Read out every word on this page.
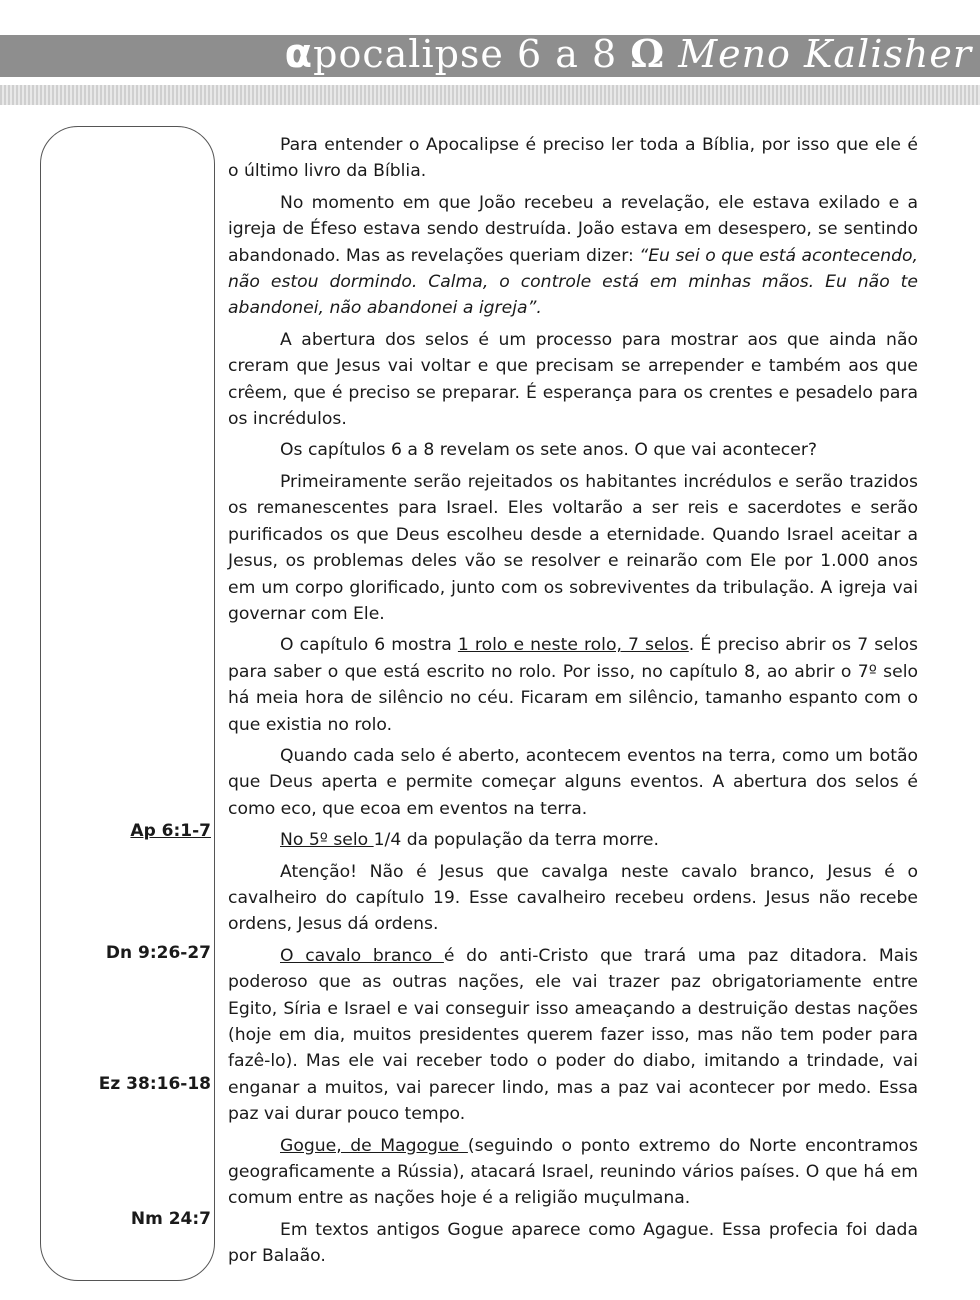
αpocalipse 6 a 8 Ω Meno Kalisher
Ap 6:1-7
Dn 9:26-27
Ez 38:16-18
Nm 24:7

Para entender o Apocalipse é preciso ler toda a Bíblia, por isso que ele é o último livro da Bíblia.

No momento em que João recebeu a revelação, ele estava exilado e a igreja de Éfeso estava sendo destruída. João estava em desespero, se sentindo abandonado. Mas as revelações queriam dizer: “Eu sei o que está acontecendo, não estou dormindo. Calma, o controle está em minhas mãos. Eu não te abandonei, não abandonei a igreja”.

A abertura dos selos é um processo para mostrar aos que ainda não creram que Jesus vai voltar e que precisam se arrepender e também aos que crêem, que é preciso se preparar. É esperança para os crentes e pesadelo para os incrédulos.

Os capítulos 6 a 8 revelam os sete anos. O que vai acontecer?

Primeiramente serão rejeitados os habitantes incrédulos e serão trazidos os remanescentes para Israel. Eles voltarão a ser reis e sacerdotes e serão purificados os que Deus escolheu desde a eternidade. Quando Israel aceitar a Jesus, os problemas deles vão se resolver e reinarão com Ele por 1.000 anos em um corpo glorificado, junto com os sobreviventes da tribulação. A igreja vai governar com Ele.

O capítulo 6 mostra 1 rolo e neste rolo, 7 selos. É preciso abrir os 7 selos para saber o que está escrito no rolo. Por isso, no capítulo 8, ao abrir o 7º selo há meia hora de silêncio no céu. Ficaram em silêncio, tamanho espanto com o que existia no rolo.

Quando cada selo é aberto, acontecem eventos na terra, como um botão que Deus aperta e permite começar alguns eventos. A abertura dos selos é como eco, que ecoa em eventos na terra.

No 5º selo 1/4 da população da terra morre.

Atenção! Não é Jesus que cavalga neste cavalo branco, Jesus é o cavalheiro do capítulo 19. Esse cavalheiro recebeu ordens. Jesus não recebe ordens, Jesus dá ordens.

O cavalo branco é do anti-Cristo que trará uma paz ditadora. Mais poderoso que as outras nações, ele vai trazer paz obrigatoriamente entre Egito, Síria e Israel e vai conseguir isso ameaçando a destruição destas nações (hoje em dia, muitos presidentes querem fazer isso, mas não tem poder para fazê-lo). Mas ele vai receber todo o poder do diabo, imitando a trindade, vai enganar a muitos, vai parecer lindo, mas a paz vai acontecer por medo. Essa paz vai durar pouco tempo.

Gogue, de Magogue (seguindo o ponto extremo do Norte encontramos geograficamente a Rússia), atacará Israel, reunindo vários países. O que há em comum entre as nações hoje é a religião muçulmana.

Em textos antigos Gogue aparece como Agague. Essa profecia foi dada por Balaão.
